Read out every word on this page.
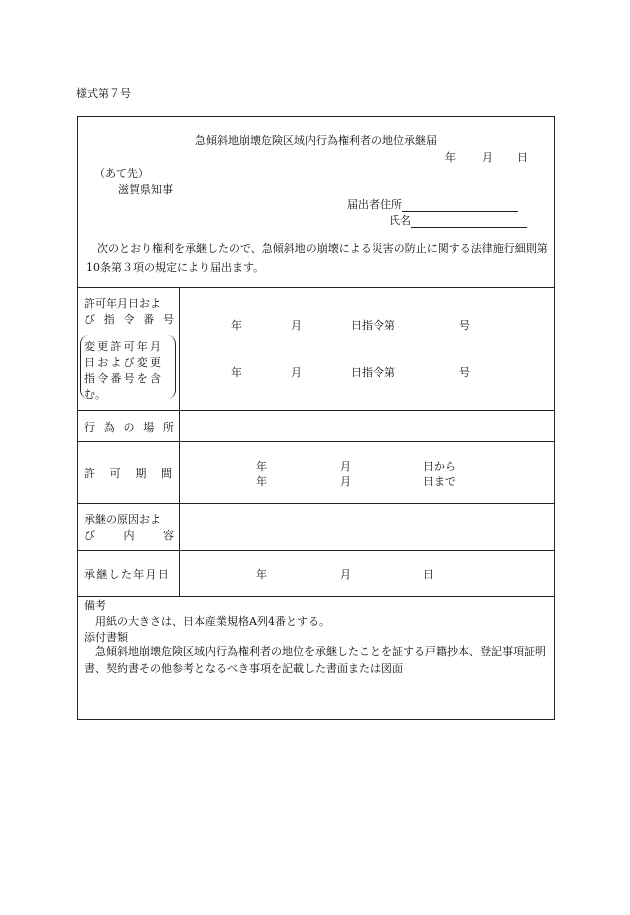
様式第７号
急傾斜地崩壊危険区域内行為権利者の地位承継届
年 月 日
（あて先）
滋賀県知事
届出者住所
氏名
次のとおり権利を承継したので、急傾斜地の崩壊による災害の防止に関する法律施行細則第10条第３項の規定により届出ます。
許可年月日およ
び 指 令 番 号
変更許可年月
日および変更
指令番号を含
む。
年	月	日指令第	号
年	月	日指令第	号
行 為 の 場 所
許 可 期 間
年	月	日から
年	月	日まで
承継の原因およ
び	内	容
承継した年月日	年	月	日
備考
用紙の大きさは、日本産業規格A列4番とする。
添付書類
急傾斜地崩壊危険区域内行為権利者の地位を承継したことを証する戸籍抄本、登記事項証明書、契約書その他参考となるべき事項を記載した書面または図面
